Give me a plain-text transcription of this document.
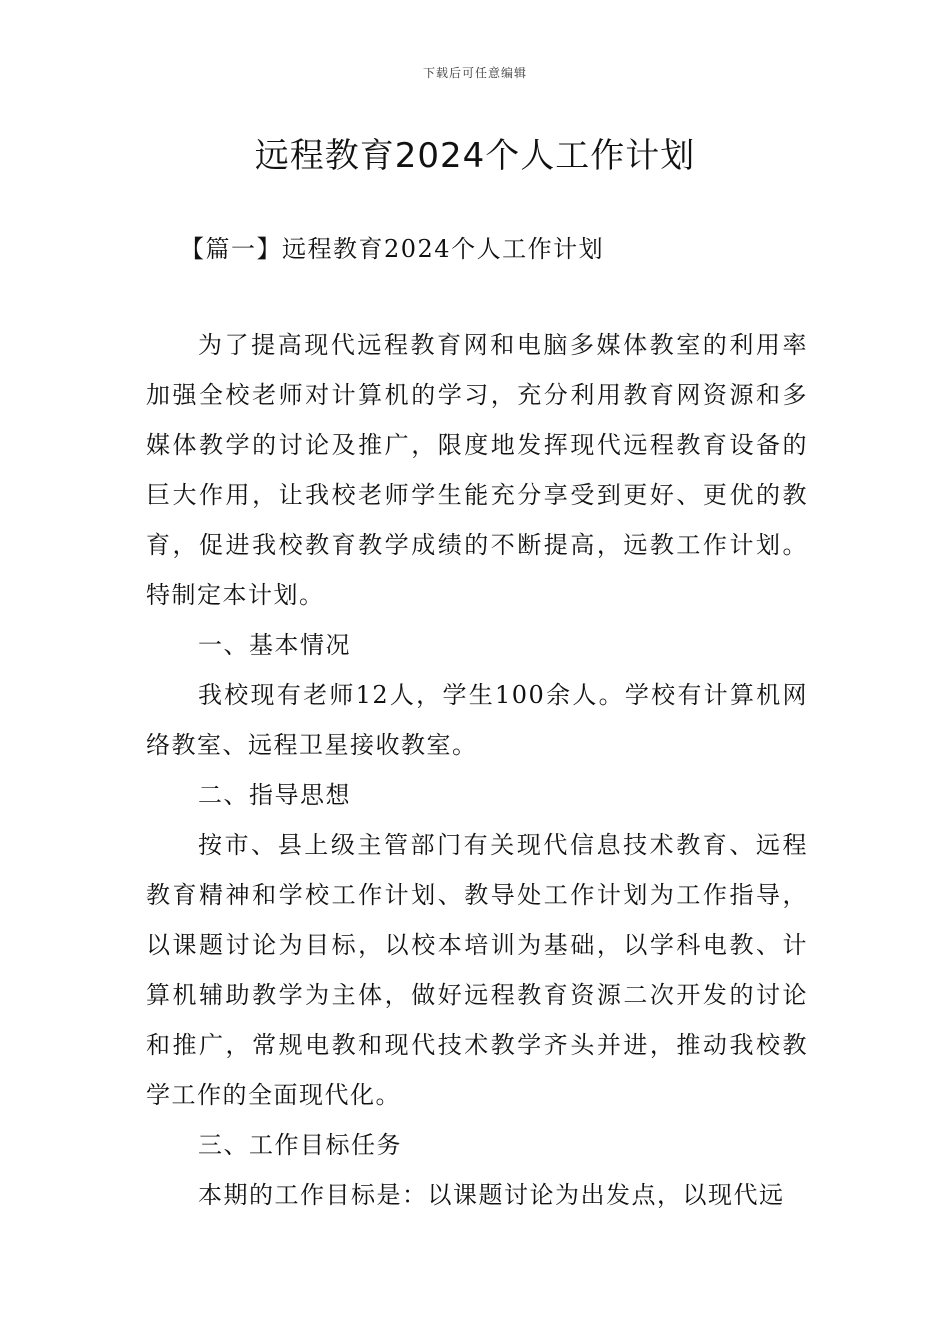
下载后可任意编辑
远程教育2024个人工作计划

【篇一】远程教育2024个人工作计划

为了提高现代远程教育网和电脑多媒体教室的利用率加强全校老师对计算机的学习，充分利用教育网资源和多媒体教学的讨论及推广，限度地发挥现代远程教育设备的巨大作用，让我校老师学生能充分享受到更好、更优的教育，促进我校教育教学成绩的不断提高，远教工作计划。特制定本计划。

一、基本情况

我校现有老师12人，学生100余人。学校有计算机网络教室、远程卫星接收教室。

二、指导思想

按市、县上级主管部门有关现代信息技术教育、远程教育精神和学校工作计划、教导处工作计划为工作指导，以课题讨论为目标，以校本培训为基础，以学科电教、计算机辅助教学为主体，做好远程教育资源二次开发的讨论和推广，常规电教和现代技术教学齐头并进，推动我校教学工作的全面现代化。

三、工作目标任务

本期的工作目标是：以课题讨论为出发点，以现代远
